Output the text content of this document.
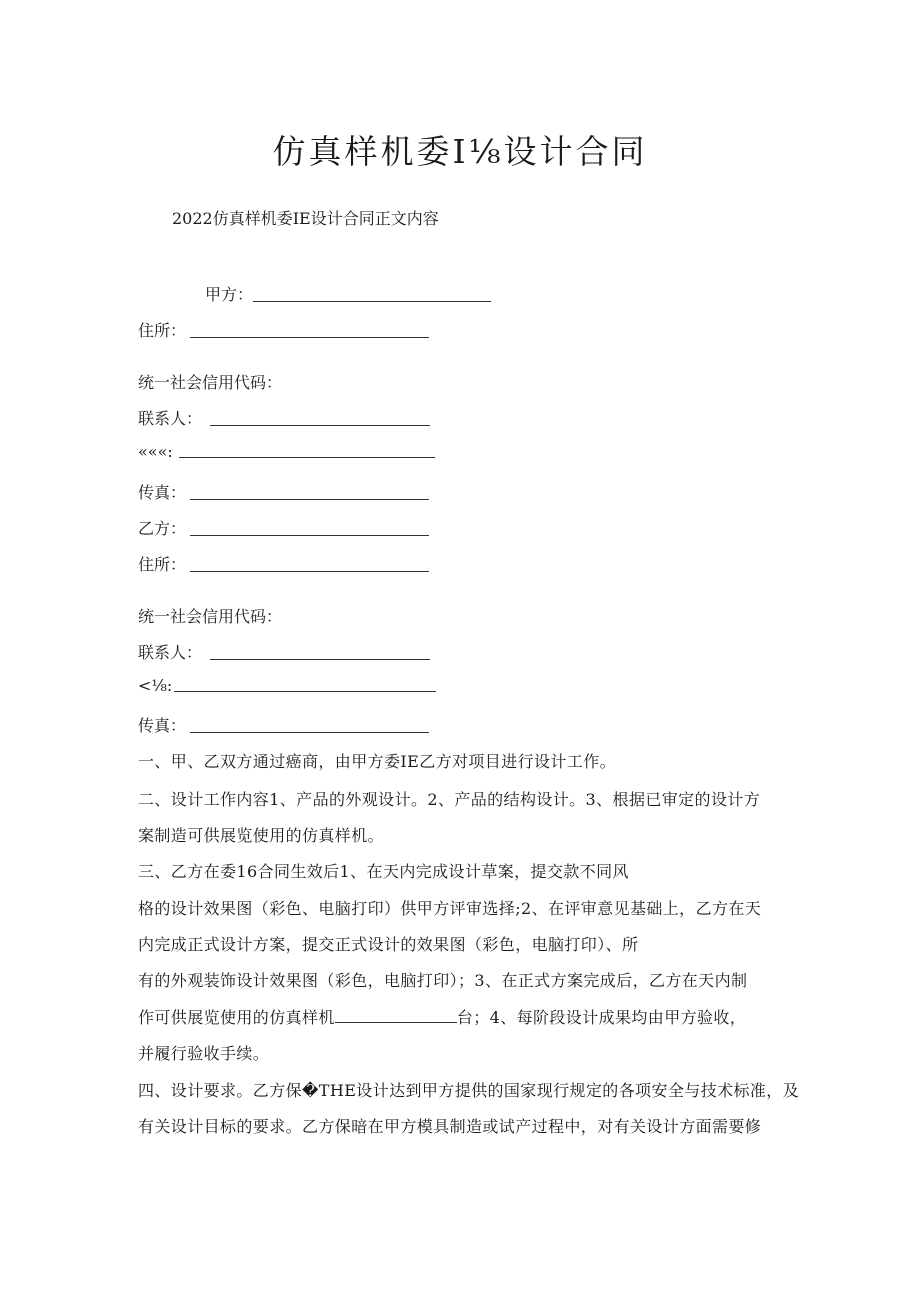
仿真样机委I⅛设计合同
2022仿真样机委IE设计合同正文内容
甲方：
住所：
统一社会信用代码：
联系人：
«««:
传真：
乙方：
住所：
统一社会信用代码：
联系人：
<⅛:
传真：
一、甲、乙双方通过癌商，由甲方委IE乙方对项目进行设计工作。
二、设计工作内容1、产品的外观设计。2、产品的结构设计。3、根据已审定的设计方
案制造可供展览使用的仿真样机。
三、乙方在委16合同生效后1、在天内完成设计草案，提交款不同风
格的设计效果图（彩色、电脑打印）供甲方评审选择;2、在评审意见基础上，乙方在天
内完成正式设计方案，提交正式设计的效果图（彩色，电脑打印）、所
有的外观装饰设计效果图（彩色，电脑打印）；3、在正式方案完成后，乙方在天内制
作可供展览使用的仿真样机	台；4、每阶段设计成果均由甲方验收，
并履行验收手续。
四、设计要求。乙方保�THE设计达到甲方提供的国家现行规定的各项安全与技术标准，及
有关设计目标的要求。乙方保暗在甲方模具制造或试产过程中，对有关设计方面需要修
